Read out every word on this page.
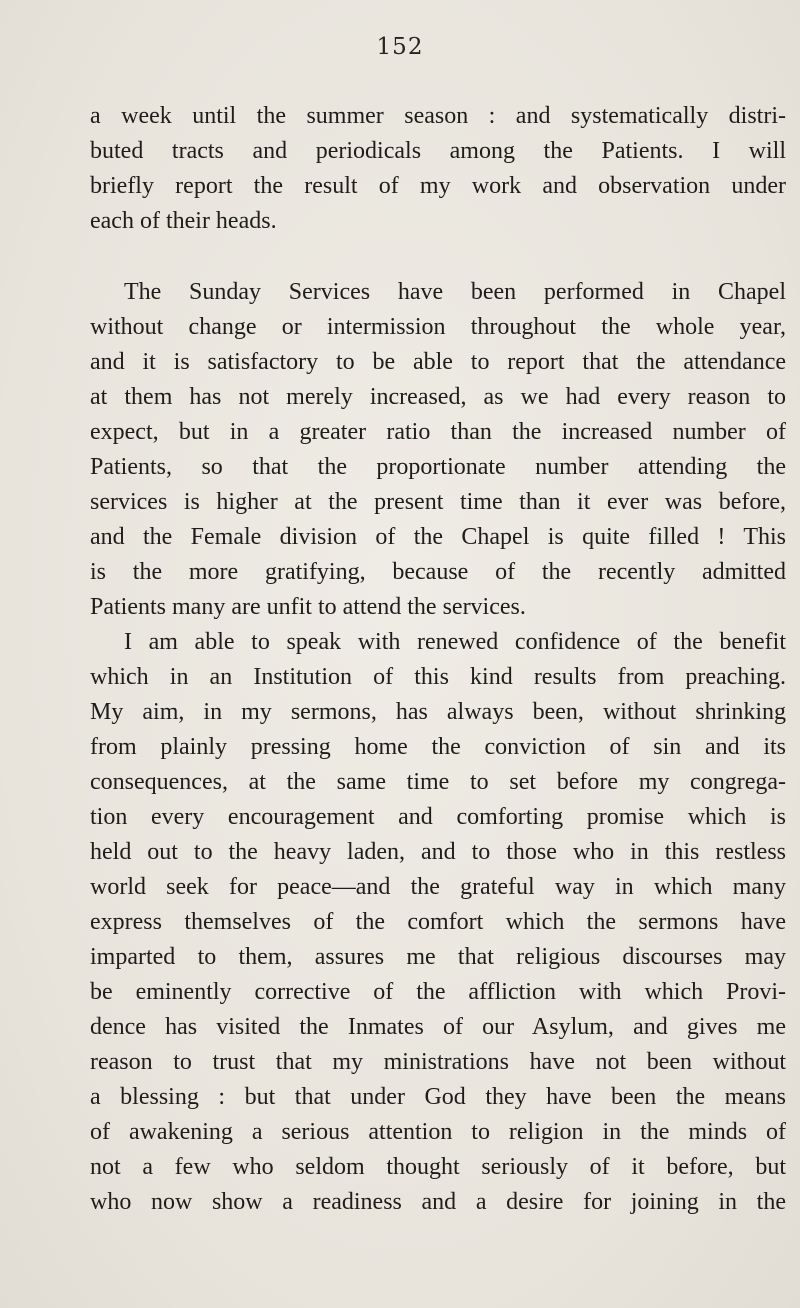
152
a week until the summer season : and systematically distri-
buted tracts and periodicals among the Patients. I will
briefly report the result of my work and observation under
each of their heads.
The Sunday Services have been performed in Chapel
without change or intermission throughout the whole year,
and it is satisfactory to be able to report that the attendance
at them has not merely increased, as we had every reason to
expect, but in a greater ratio than the increased number of
Patients, so that the proportionate number attending the
services is higher at the present time than it ever was before,
and the Female division of the Chapel is quite filled ! This
is the more gratifying, because of the recently admitted
Patients many are unfit to attend the services.
I am able to speak with renewed confidence of the benefit
which in an Institution of this kind results from preaching.
My aim, in my sermons, has always been, without shrinking
from plainly pressing home the conviction of sin and its
consequences, at the same time to set before my congrega-
tion every encouragement and comforting promise which is
held out to the heavy laden, and to those who in this restless
world seek for peace—and the grateful way in which many
express themselves of the comfort which the sermons have
imparted to them, assures me that religious discourses may
be eminently corrective of the affliction with which Provi-
dence has visited the Inmates of our Asylum, and gives me
reason to trust that my ministrations have not been without
a blessing : but that under God they have been the means
of awakening a serious attention to religion in the minds of
not a few who seldom thought seriously of it before, but
who now show a readiness and a desire for joining in the
